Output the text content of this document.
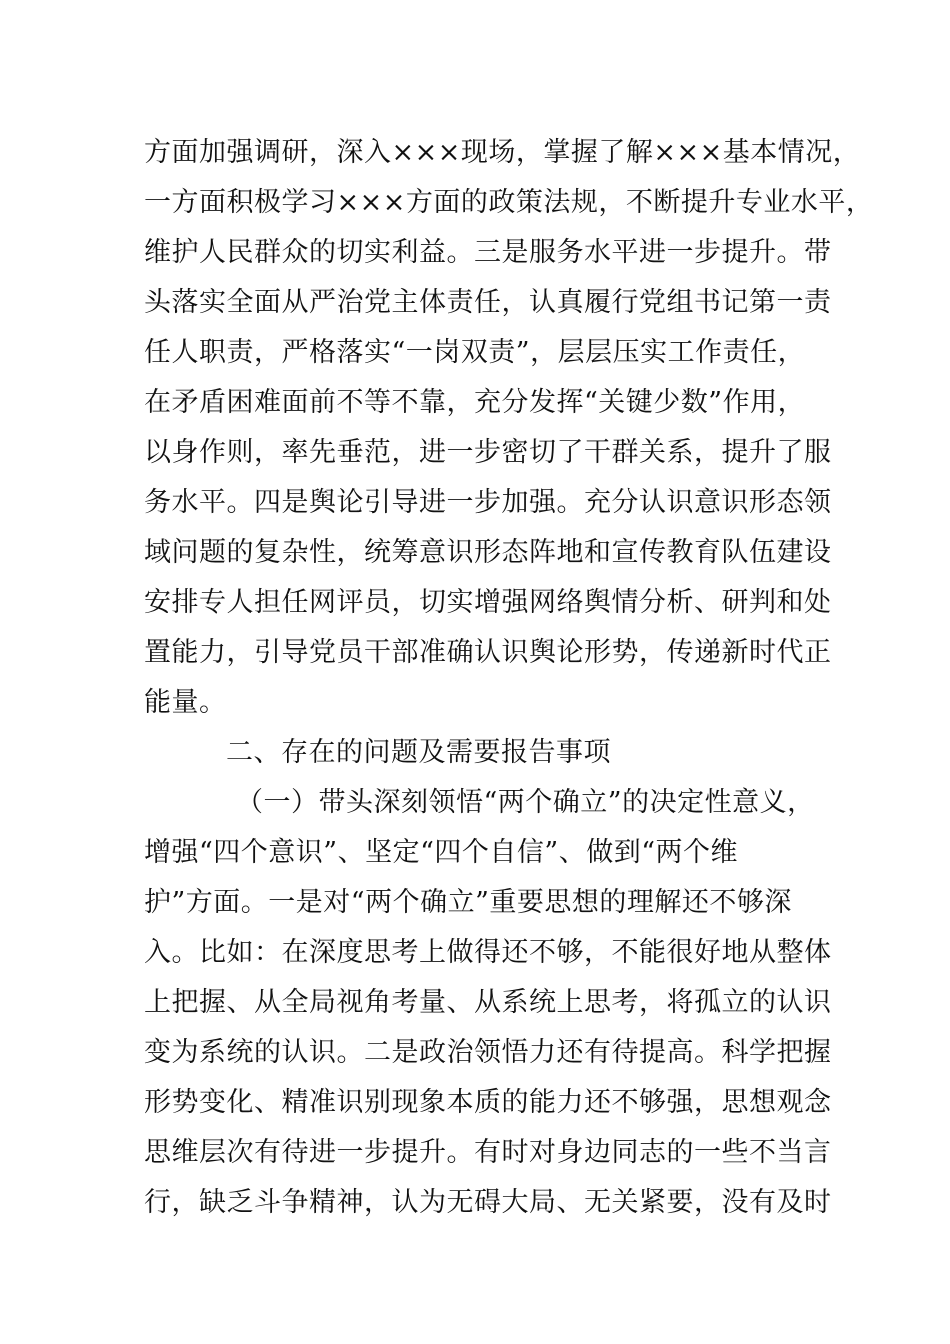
方面加强调研，深入×××现场，掌握了解×××基本情况，
一方面积极学习×××方面的政策法规，不断提升专业水平，
维护人民群众的切实利益。三是服务水平进一步提升。带
头落实全面从严治党主体责任，认真履行党组书记第一责
任人职责，严格落实“一岗双责”，层层压实工作责任，
在矛盾困难面前不等不靠，充分发挥“关键少数”作用，
以身作则，率先垂范，进一步密切了干群关系，提升了服
务水平。四是舆论引导进一步加强。充分认识意识形态领
域问题的复杂性，统筹意识形态阵地和宣传教育队伍建设
安排专人担任网评员，切实增强网络舆情分析、研判和处
置能力，引导党员干部准确认识舆论形势，传递新时代正
能量。
二、存在的问题及需要报告事项
（一）带头深刻领悟“两个确立”的决定性意义，
增强“四个意识”、坚定“四个自信”、做到“两个维
护”方面。一是对“两个确立”重要思想的理解还不够深
入。比如：在深度思考上做得还不够，不能很好地从整体
上把握、从全局视角考量、从系统上思考，将孤立的认识
变为系统的认识。二是政治领悟力还有待提高。科学把握
形势变化、精准识别现象本质的能力还不够强，思想观念
思维层次有待进一步提升。有时对身边同志的一些不当言
行，缺乏斗争精神，认为无碍大局、无关紧要，没有及时
